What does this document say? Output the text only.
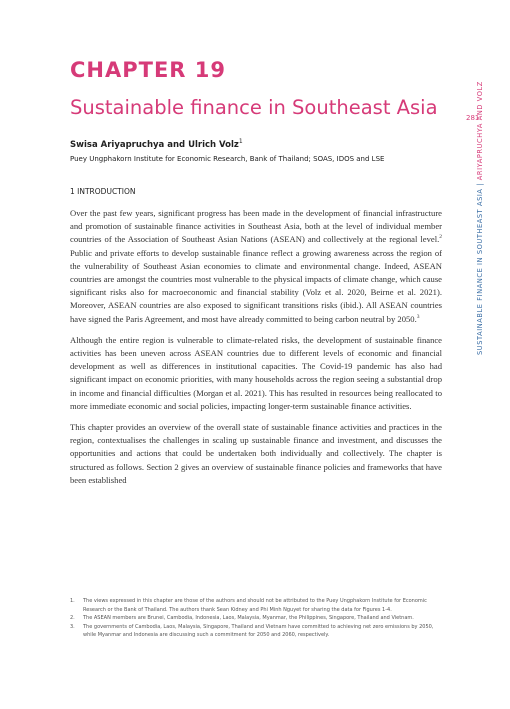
CHAPTER 19
Sustainable finance in Southeast Asia
Swisa Ariyapruchya and Ulrich Volz$^1$
Puey Ungphakorn Institute for Economic Research, Bank of Thailand; SOAS, IDOS and LSE
1 INTRODUCTION

Over the past few years, significant progress has been made in the development of financial infrastructure and promotion of sustainable finance activities in Southeast Asia, both at the level of individual member countries of the Association of Southeast Asian Nations (ASEAN) and collectively at the regional level.$^2$ Public and private efforts to develop sustainable finance reflect a growing awareness across the region of the vulnerability of Southeast Asian economies to climate and environmental change. Indeed, ASEAN countries are amongst the countries most vulnerable to the physical impacts of climate change, which cause significant risks also for macroeconomic and financial stability (Volz et al. 2020, Beirne et al. 2021). Moreover, ASEAN countries are also exposed to significant transitions risks (ibid.). All ASEAN countries have signed the Paris Agreement, and most have already committed to being carbon neutral by 2050.$^3$

Although the entire region is vulnerable to climate-related risks, the development of sustainable finance activities has been uneven across ASEAN countries due to different levels of economic and financial development as well as differences in institutional capacities. The Covid-19 pandemic has also had significant impact on economic priorities, with many households across the region seeing a substantial drop in income and financial difficulties (Morgan et al. 2021). This has resulted in resources being reallocated to more immediate economic and social policies, impacting longer-term sustainable finance activities.

This chapter provides an overview of the overall state of sustainable finance activities and practices in the region, contextualises the challenges in scaling up sustainable finance and investment, and discusses the opportunities and actions that could be undertaken both individually and collectively. The chapter is structured as follows. Section 2 gives an overview of sustainable finance policies and frameworks that have been established

1.	The views expressed in this chapter are those of the authors and should not be attributed to the Puey Ungphakorn Institute for Economic Research or the Bank of Thailand. The authors thank Sean Kidney and Phi Minh Nguyet for sharing the data for Figures 1-4.
2.	The ASEAN members are Brunei, Cambodia, Indonesia, Laos, Malaysia, Myanmar, the Philippines, Singapore, Thailand and Vietnam.
3.	The governments of Cambodia, Laos, Malaysia, Singapore, Thailand and Vietnam have committed to achieving net zero emissions by 2050, while Myanmar and Indonesia are discussing such a commitment for 2050 and 2060, respectively.
281
SUSTAINABLE FINANCE IN SOUTHEAST ASIA | ARIYAPRUCHYA AND VOLZ
